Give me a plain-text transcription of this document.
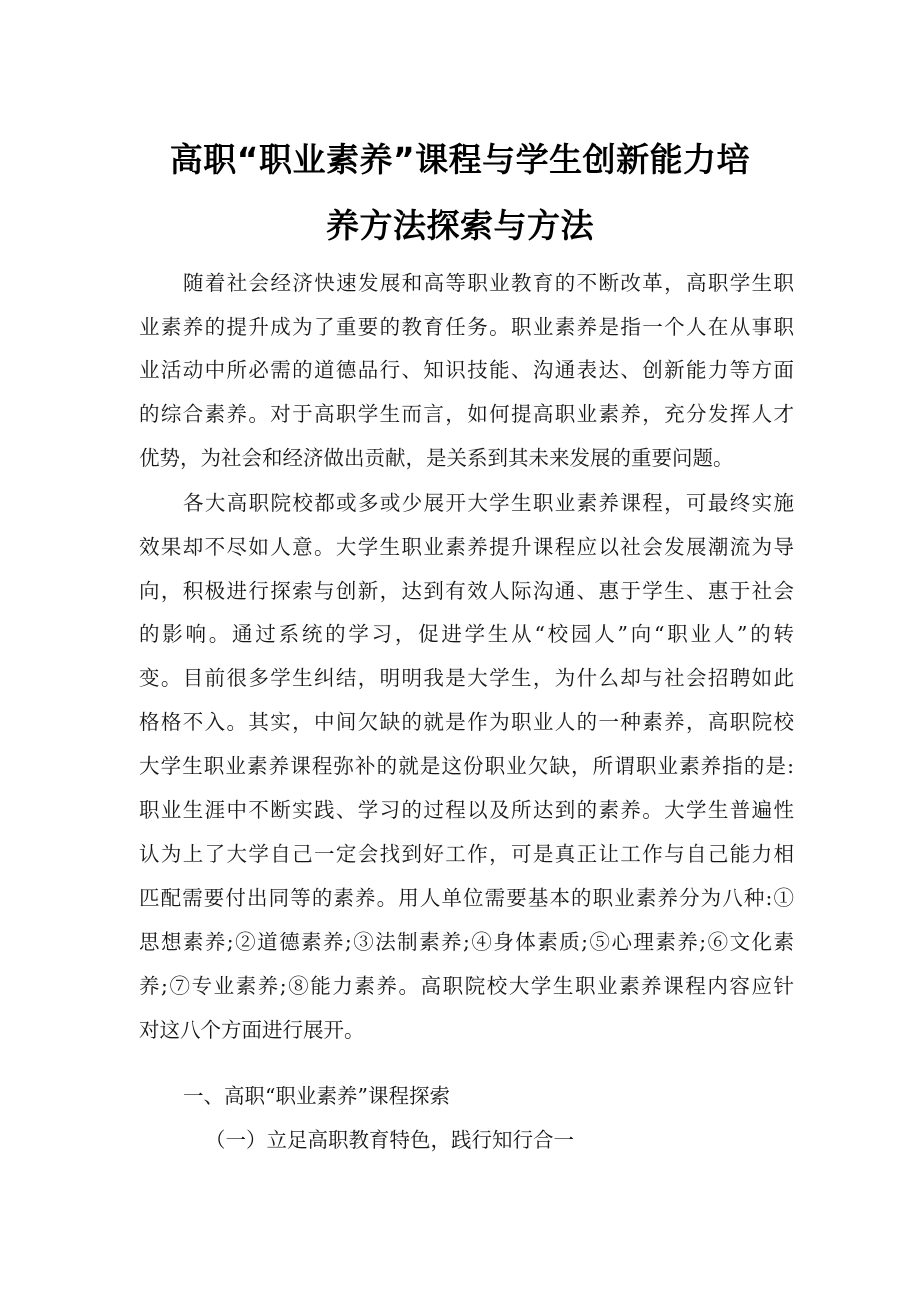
高职“职业素养”课程与学生创新能力培
养方法探索与方法
随着社会经济快速发展和高等职业教育的不断改革，高职学生职
业素养的提升成为了重要的教育任务。职业素养是指一个人在从事职
业活动中所必需的道德品行、知识技能、沟通表达、创新能力等方面
的综合素养。对于高职学生而言，如何提高职业素养，充分发挥人才
优势，为社会和经济做出贡献，是关系到其未来发展的重要问题。
各大高职院校都或多或少展开大学生职业素养课程，可最终实施
效果却不尽如人意。大学生职业素养提升课程应以社会发展潮流为导
向，积极进行探索与创新，达到有效人际沟通、惠于学生、惠于社会
的影响。通过系统的学习，促进学生从“校园人”向“职业人”的转
变。目前很多学生纠结，明明我是大学生，为什么却与社会招聘如此
格格不入。其实，中间欠缺的就是作为职业人的一种素养，高职院校
大学生职业素养课程弥补的就是这份职业欠缺，所谓职业素养指的是:
职业生涯中不断实践、学习的过程以及所达到的素养。大学生普遍性
认为上了大学自己一定会找到好工作，可是真正让工作与自己能力相
匹配需要付出同等的素养。用人单位需要基本的职业素养分为八种:①
思想素养;②道德素养;③法制素养;④身体素质;⑤心理素养;⑥文化素
养;⑦专业素养;⑧能力素养。高职院校大学生职业素养课程内容应针
对这八个方面进行展开。
一、高职“职业素养”课程探索
（一）立足高职教育特色，践行知行合一
